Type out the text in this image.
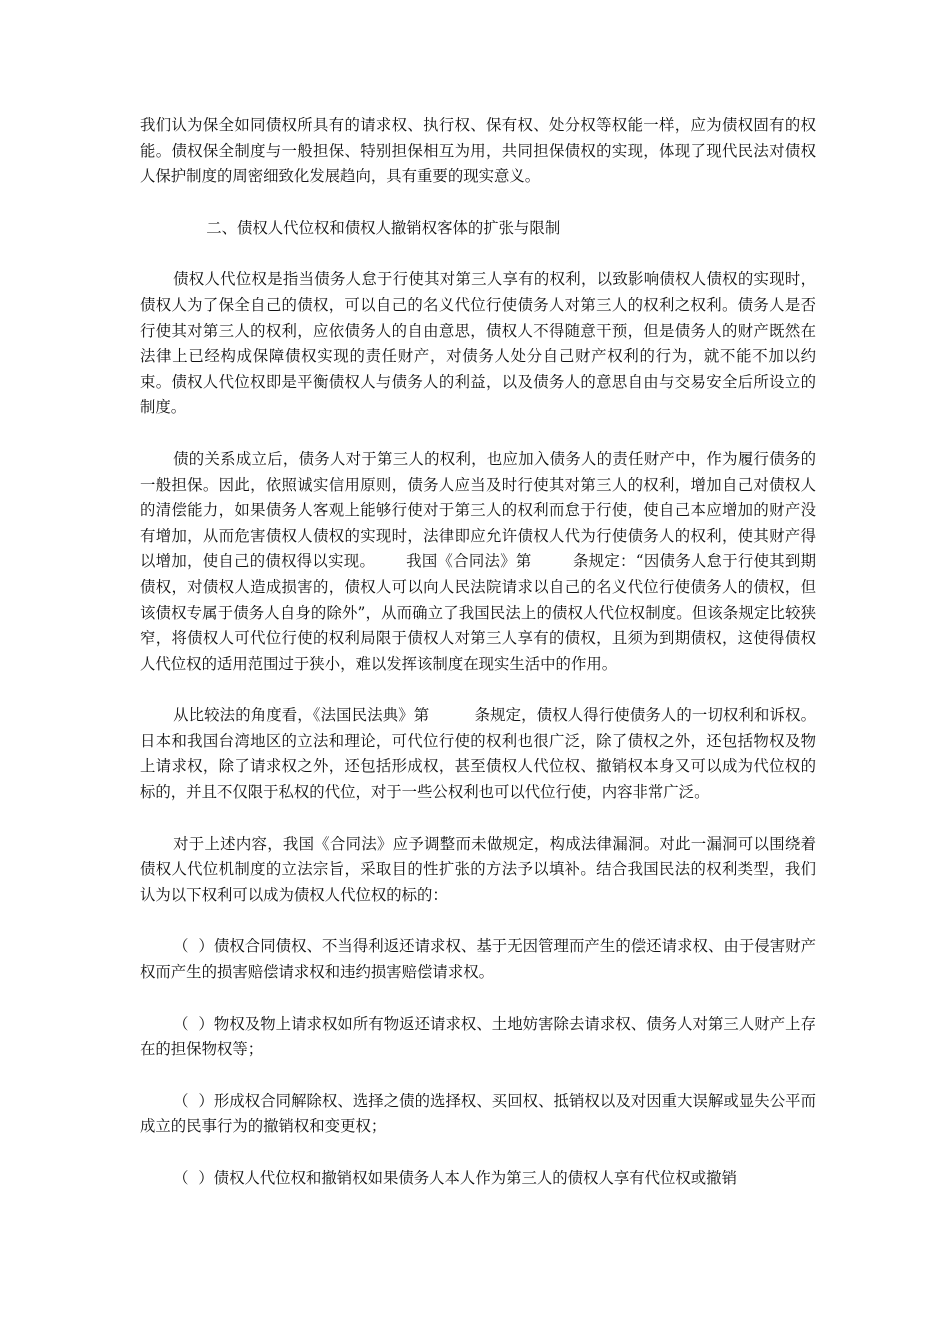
我们认为保全如同债权所具有的请求权、执行权、保有权、处分权等权能一样，应为债权固有的权能。债权保全制度与一般担保、特别担保相互为用，共同担保债权的实现，体现了现代民法对债权人保护制度的周密细致化发展趋向，具有重要的现实意义。

二、债权人代位权和债权人撤销权客体的扩张与限制

债权人代位权是指当债务人怠于行使其对第三人享有的权利，以致影响债权人债权的实现时，债权人为了保全自己的债权，可以自己的名义代位行使债务人对第三人的权利之权利。债务人是否行使其对第三人的权利，应依债务人的自由意思，债权人不得随意干预，但是债务人的财产既然在法律上已经构成保障债权实现的责任财产，对债务人处分自己财产权利的行为，就不能不加以约束。债权人代位权即是平衡债权人与债务人的利益，以及债务人的意思自由与交易安全后所设立的制度。

债的关系成立后，债务人对于第三人的权利，也应加入债务人的责任财产中，作为履行债务的一般担保。因此，依照诚实信用原则，债务人应当及时行使其对第三人的权利，增加自己对债权人的清偿能力，如果债务人客观上能够行使对于第三人的权利而怠于行使，使自己本应增加的财产没有增加，从而危害债权人债权的实现时，法律即应允许债权人代为行使债务人的权利，使其财产得以增加，使自己的债权得以实现。      我国《合同法》第        条规定：“因债务人怠于行使其到期债权，对债权人造成损害的，债权人可以向人民法院请求以自己的名义代位行使债务人的债权，但该债权专属于债务人自身的除外”，从而确立了我国民法上的债权人代位权制度。但该条规定比较狭窄，将债权人可代位行使的权利局限于债权人对第三人享有的债权，且须为到期债权，这使得债权人代位权的适用范围过于狭小，难以发挥该制度在现实生活中的作用。

从比较法的角度看，《法国民法典》第         条规定，债权人得行使债务人的一切权利和诉权。日本和我国台湾地区的立法和理论，可代位行使的权利也很广泛，除了债权之外，还包括物权及物上请求权，除了请求权之外，还包括形成权，甚至债权人代位权、撤销权本身又可以成为代位权的标的，并且不仅限于私权的代位，对于一些公权利也可以代位行使，内容非常广泛。

对于上述内容，我国《合同法》应予调整而未做规定，构成法律漏洞。对此一漏洞可以围绕着债权人代位机制度的立法宗旨，采取目的性扩张的方法予以填补。结合我国民法的权利类型，我们认为以下权利可以成为债权人代位权的标的：

（  ）债权合同债权、不当得利返还请求权、基于无因管理而产生的偿还请求权、由于侵害财产权而产生的损害赔偿请求权和违约损害赔偿请求权。

（  ）物权及物上请求权如所有物返还请求权、土地妨害除去请求权、债务人对第三人财产上存在的担保物权等；

（  ）形成权合同解除权、选择之债的选择权、买回权、抵销权以及对因重大误解或显失公平而成立的民事行为的撤销权和变更权；

（  ）债权人代位权和撤销权如果债务人本人作为第三人的债权人享有代位权或撤销
